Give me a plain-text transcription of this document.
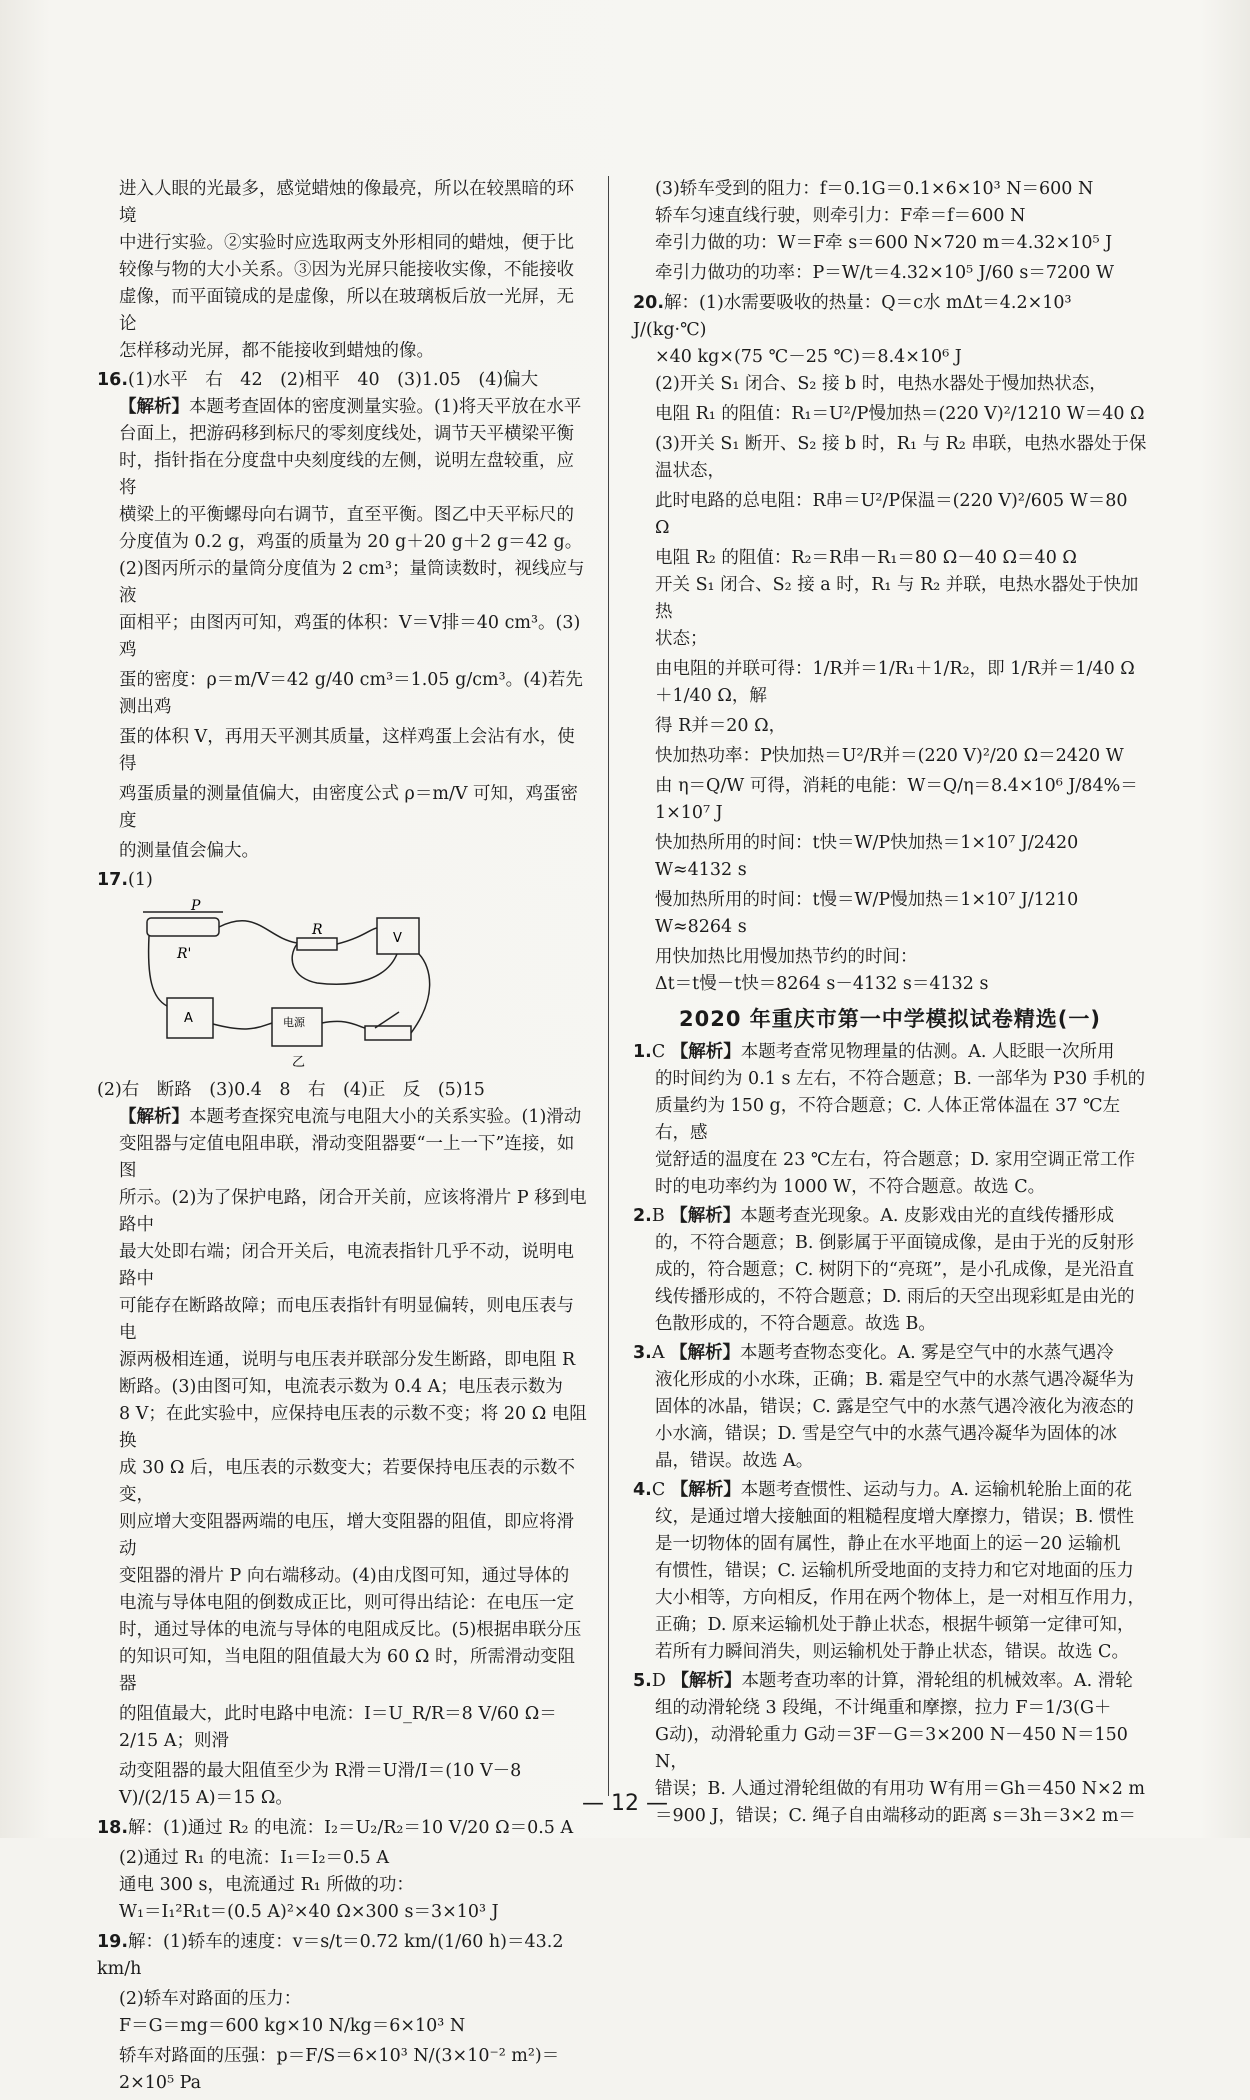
进入人眼的光最多，感觉蜡烛的像最亮，所以在较黑暗的环境

中进行实验。②实验时应选取两支外形相同的蜡烛，便于比

较像与物的大小关系。③因为光屏只能接收实像，不能接收

虚像，而平面镜成的是虚像，所以在玻璃板后放一光屏，无论

怎样移动光屏，都不能接收到蜡烛的像。

16.(1)水平　右　42　(2)相平　40　(3)1.05　(4)偏大

【解析】本题考查固体的密度测量实验。(1)将天平放在水平

台面上，把游码移到标尺的零刻度线处，调节天平横梁平衡

时，指针指在分度盘中央刻度线的左侧，说明左盘较重，应将

横梁上的平衡螺母向右调节，直至平衡。图乙中天平标尺的

分度值为 0.2 g，鸡蛋的质量为 20 g＋20 g＋2 g＝42 g。

(2)图丙所示的量筒分度值为 2 cm³；量筒读数时，视线应与液

面相平；由图丙可知，鸡蛋的体积：V＝V排＝40 cm³。(3)鸡

蛋的密度：ρ＝m/V＝42 g/40 cm³＝1.05 g/cm³。(4)若先测出鸡

蛋的体积 V，再用天平测其质量，这样鸡蛋上会沾有水，使得

鸡蛋质量的测量值偏大，由密度公式 ρ＝m/V 可知，鸡蛋密度

的测量值会偏大。

17.(1)

P
R'
R
V
A	电源
乙

(2)右　断路　(3)0.4　8　右　(4)正　反　(5)15

【解析】本题考查探究电流与电阻大小的关系实验。(1)滑动

变阻器与定值电阻串联，滑动变阻器要“一上一下”连接，如图

所示。(2)为了保护电路，闭合开关前，应该将滑片 P 移到电路中

最大处即右端；闭合开关后，电流表指针几乎不动，说明电路中

可能存在断路故障；而电压表指针有明显偏转，则电压表与电

源两极相连通，说明与电压表并联部分发生断路，即电阻 R

断路。(3)由图可知，电流表示数为 0.4 A；电压表示数为

8 V；在此实验中，应保持电压表的示数不变；将 20 Ω 电阻换

成 30 Ω 后，电压表的示数变大；若要保持电压表的示数不变，

则应增大变阻器两端的电压，增大变阻器的阻值，即应将滑动

变阻器的滑片 P 向右端移动。(4)由戊图可知，通过导体的

电流与导体电阻的倒数成正比，则可得出结论：在电压一定

时，通过导体的电流与导体的电阻成反比。(5)根据串联分压

的知识可知，当电阻的阻值最大为 60 Ω 时，所需滑动变阻器

的阻值最大，此时电路中电流：I＝U_R/R＝8 V/60 Ω＝2/15 A；则滑

动变阻器的最大阻值至少为 R滑＝U滑/I＝(10 V－8 V)/(2/15 A)＝15 Ω。

18.解：(1)通过 R₂ 的电流：I₂＝U₂/R₂＝10 V/20 Ω＝0.5 A

(2)通过 R₁ 的电流：I₁＝I₂＝0.5 A

通电 300 s，电流通过 R₁ 所做的功：

W₁＝I₁²R₁t＝(0.5 A)²×40 Ω×300 s＝3×10³ J

19.解：(1)轿车的速度：v＝s/t＝0.72 km/(1/60 h)＝43.2 km/h

(2)轿车对路面的压力：

F＝G＝mg＝600 kg×10 N/kg＝6×10³ N

轿车对路面的压强：p＝F/S＝6×10³ N/(3×10⁻² m²)＝2×10⁵ Pa

(3)轿车受到的阻力：f＝0.1G＝0.1×6×10³ N＝600 N

轿车匀速直线行驶，则牵引力：F牵＝f＝600 N

牵引力做的功：W＝F牵 s＝600 N×720 m＝4.32×10⁵ J

牵引力做功的功率：P＝W/t＝4.32×10⁵ J/60 s＝7200 W

20.解：(1)水需要吸收的热量：Q＝c水 mΔt＝4.2×10³ J/(kg·℃)

×40 kg×(75 ℃－25 ℃)＝8.4×10⁶ J

(2)开关 S₁ 闭合、S₂ 接 b 时，电热水器处于慢加热状态，

电阻 R₁ 的阻值：R₁＝U²/P慢加热＝(220 V)²/1210 W＝40 Ω

(3)开关 S₁ 断开、S₂ 接 b 时，R₁ 与 R₂ 串联，电热水器处于保

温状态，

此时电路的总电阻：R串＝U²/P保温＝(220 V)²/605 W＝80 Ω

电阻 R₂ 的阻值：R₂＝R串－R₁＝80 Ω－40 Ω＝40 Ω

开关 S₁ 闭合、S₂ 接 a 时，R₁ 与 R₂ 并联，电热水器处于快加热

状态；

由电阻的并联可得：1/R并＝1/R₁＋1/R₂，即 1/R并＝1/40 Ω＋1/40 Ω，解

得 R并＝20 Ω，

快加热功率：P快加热＝U²/R并＝(220 V)²/20 Ω＝2420 W

由 η＝Q/W 可得，消耗的电能：W＝Q/η＝8.4×10⁶ J/84%＝1×10⁷ J

快加热所用的时间：t快＝W/P快加热＝1×10⁷ J/2420 W≈4132 s

慢加热所用的时间：t慢＝W/P慢加热＝1×10⁷ J/1210 W≈8264 s

用快加热比用慢加热节约的时间：

Δt＝t慢－t快＝8264 s－4132 s＝4132 s

2020 年重庆市第一中学模拟试卷精选(一)

1.C 【解析】本题考查常见物理量的估测。A. 人眨眼一次所用

的时间约为 0.1 s 左右，不符合题意；B. 一部华为 P30 手机的

质量约为 150 g，不符合题意；C. 人体正常体温在 37 ℃左右，感

觉舒适的温度在 23 ℃左右，符合题意；D. 家用空调正常工作

时的电功率约为 1000 W，不符合题意。故选 C。

2.B 【解析】本题考查光现象。A. 皮影戏由光的直线传播形成

的，不符合题意；B. 倒影属于平面镜成像，是由于光的反射形

成的，符合题意；C. 树阴下的“亮斑”，是小孔成像，是光沿直

线传播形成的，不符合题意；D. 雨后的天空出现彩虹是由光的

色散形成的，不符合题意。故选 B。

3.A 【解析】本题考查物态变化。A. 雾是空气中的水蒸气遇冷

液化形成的小水珠，正确；B. 霜是空气中的水蒸气遇冷凝华为

固体的冰晶，错误；C. 露是空气中的水蒸气遇冷液化为液态的

小水滴，错误；D. 雪是空气中的水蒸气遇冷凝华为固体的冰

晶，错误。故选 A。

4.C 【解析】本题考查惯性、运动与力。A. 运输机轮胎上面的花

纹，是通过增大接触面的粗糙程度增大摩擦力，错误；B. 惯性

是一切物体的固有属性，静止在水平地面上的运－20 运输机

有惯性，错误；C. 运输机所受地面的支持力和它对地面的压力

大小相等，方向相反，作用在两个物体上，是一对相互作用力，

正确；D. 原来运输机处于静止状态，根据牛顿第一定律可知，

若所有力瞬间消失，则运输机处于静止状态，错误。故选 C。

5.D 【解析】本题考查功率的计算，滑轮组的机械效率。A. 滑轮

组的动滑轮绕 3 段绳，不计绳重和摩擦，拉力 F＝1/3(G＋

G动)，动滑轮重力 G动＝3F－G＝3×200 N－450 N＝150 N，

错误；B. 人通过滑轮组做的有用功 W有用＝Gh＝450 N×2 m

＝900 J，错误；C. 绳子自由端移动的距离 s＝3h＝3×2 m＝

— 12 —
